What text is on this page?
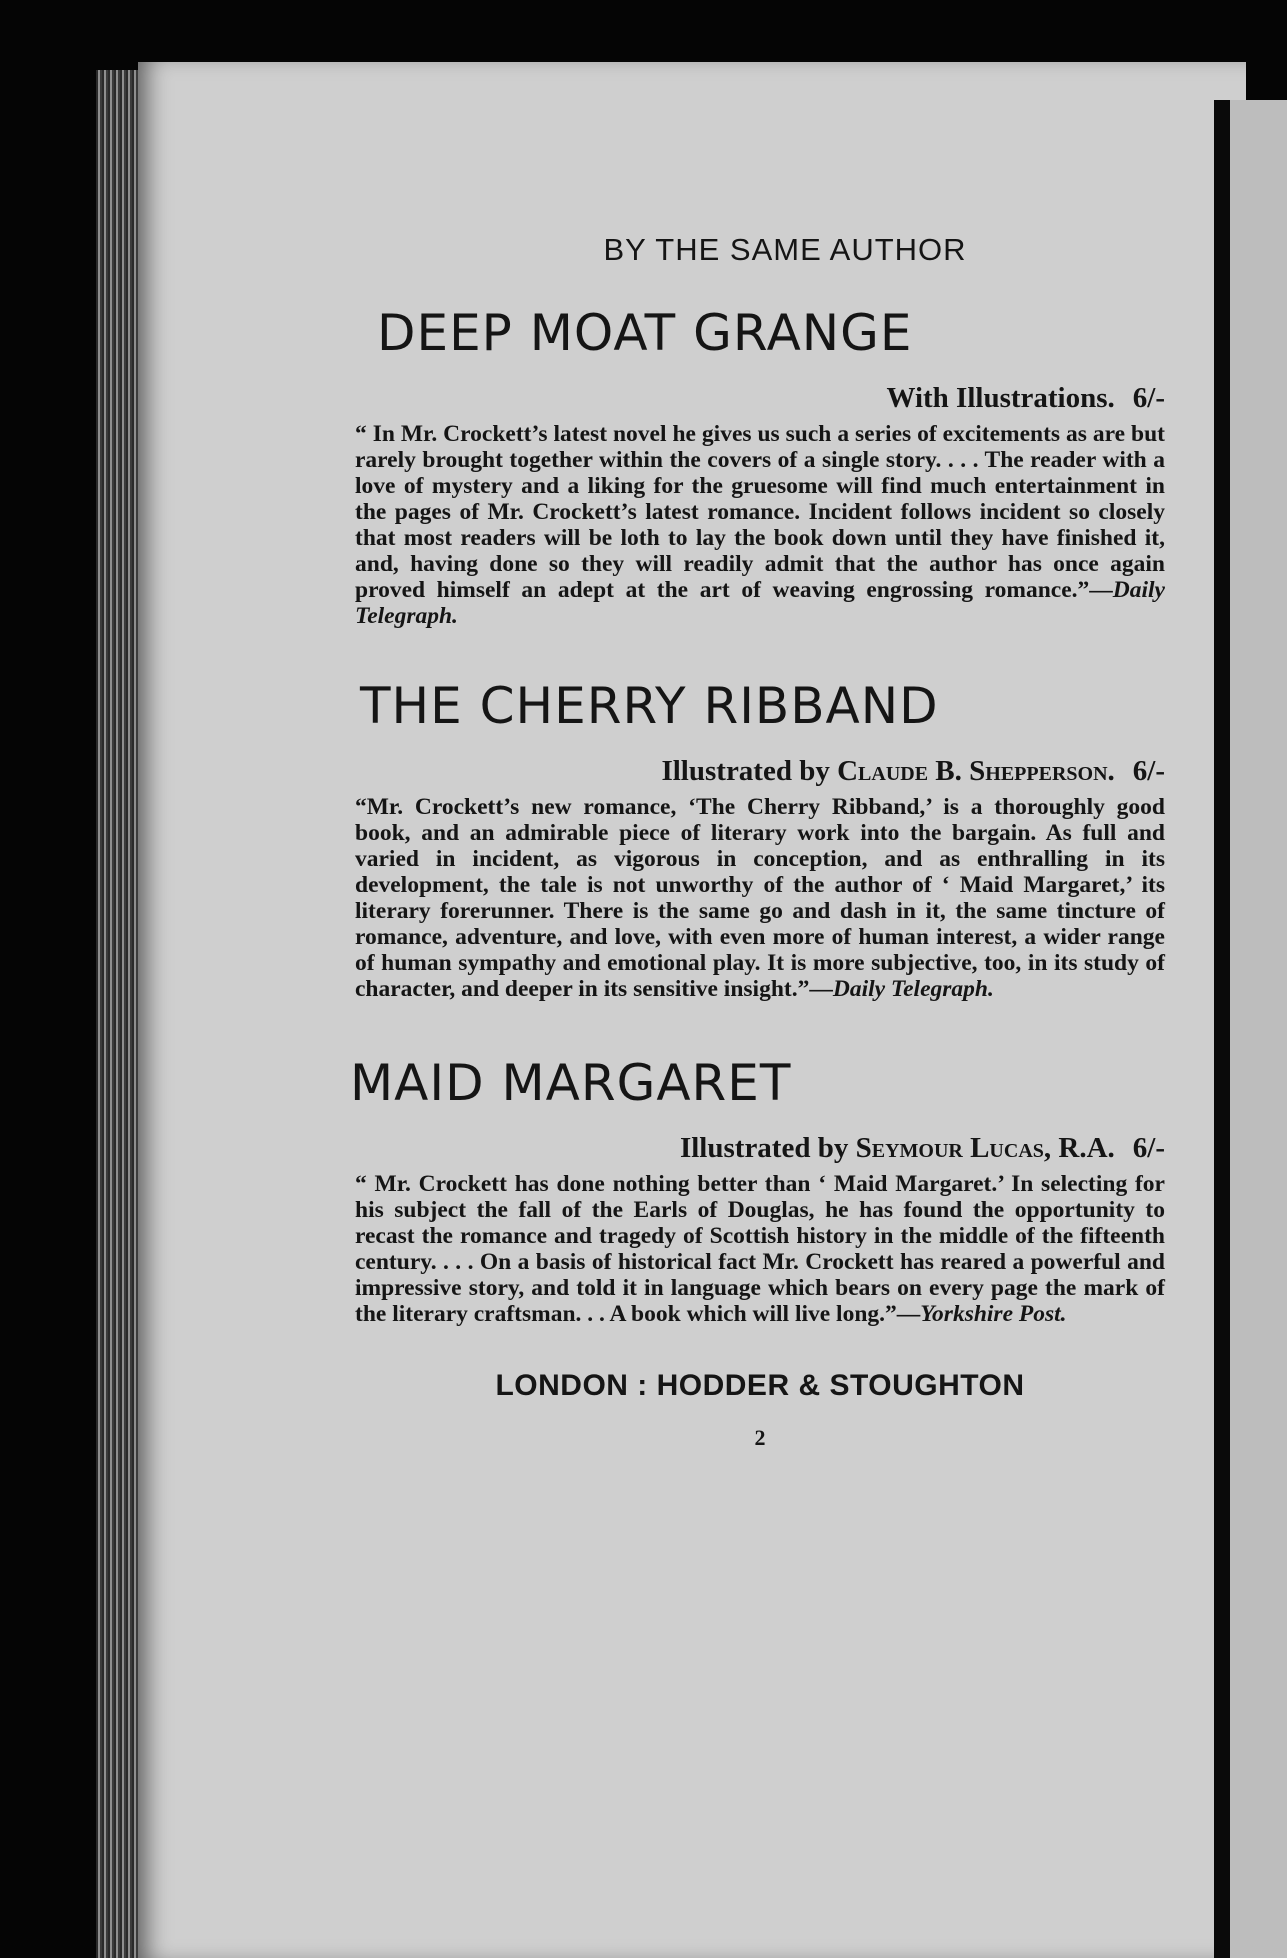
BY THE SAME AUTHOR
DEEP MOAT GRANGE
With Illustrations. 6/-

“ In Mr. Crockett’s latest novel he gives us such a series of excitements as are but rarely brought together within the covers of a single story. . . . The reader with a love of mystery and a liking for the gruesome will find much entertainment in the pages of Mr. Crockett’s latest romance. Incident follows incident so closely that most readers will be loth to lay the book down until they have finished it, and, having done so they will readily admit that the author has once again proved himself an adept at the art of weaving engrossing romance.”—Daily Telegraph.

THE CHERRY RIBBAND
Illustrated by Claude B. Shepperson. 6/-

“Mr. Crockett’s new romance, ‘The Cherry Ribband,’ is a thoroughly good book, and an admirable piece of literary work into the bargain. As full and varied in incident, as vigorous in conception, and as enthralling in its development, the tale is not unworthy of the author of ‘ Maid Margaret,’ its literary forerunner. There is the same go and dash in it, the same tincture of romance, adventure, and love, with even more of human interest, a wider range of human sympathy and emotional play. It is more subjective, too, in its study of character, and deeper in its sensitive insight.”—Daily Telegraph.

MAID MARGARET
Illustrated by Seymour Lucas, R.A. 6/-

“ Mr. Crockett has done nothing better than ‘ Maid Margaret.’ In selecting for his subject the fall of the Earls of Douglas, he has found the opportunity to recast the romance and tragedy of Scottish history in the middle of the fifteenth century. . . . On a basis of historical fact Mr. Crockett has reared a powerful and impressive story, and told it in language which bears on every page the mark of the literary craftsman. . . A book which will live long.”—Yorkshire Post.

LONDON : HODDER & STOUGHTON
2
